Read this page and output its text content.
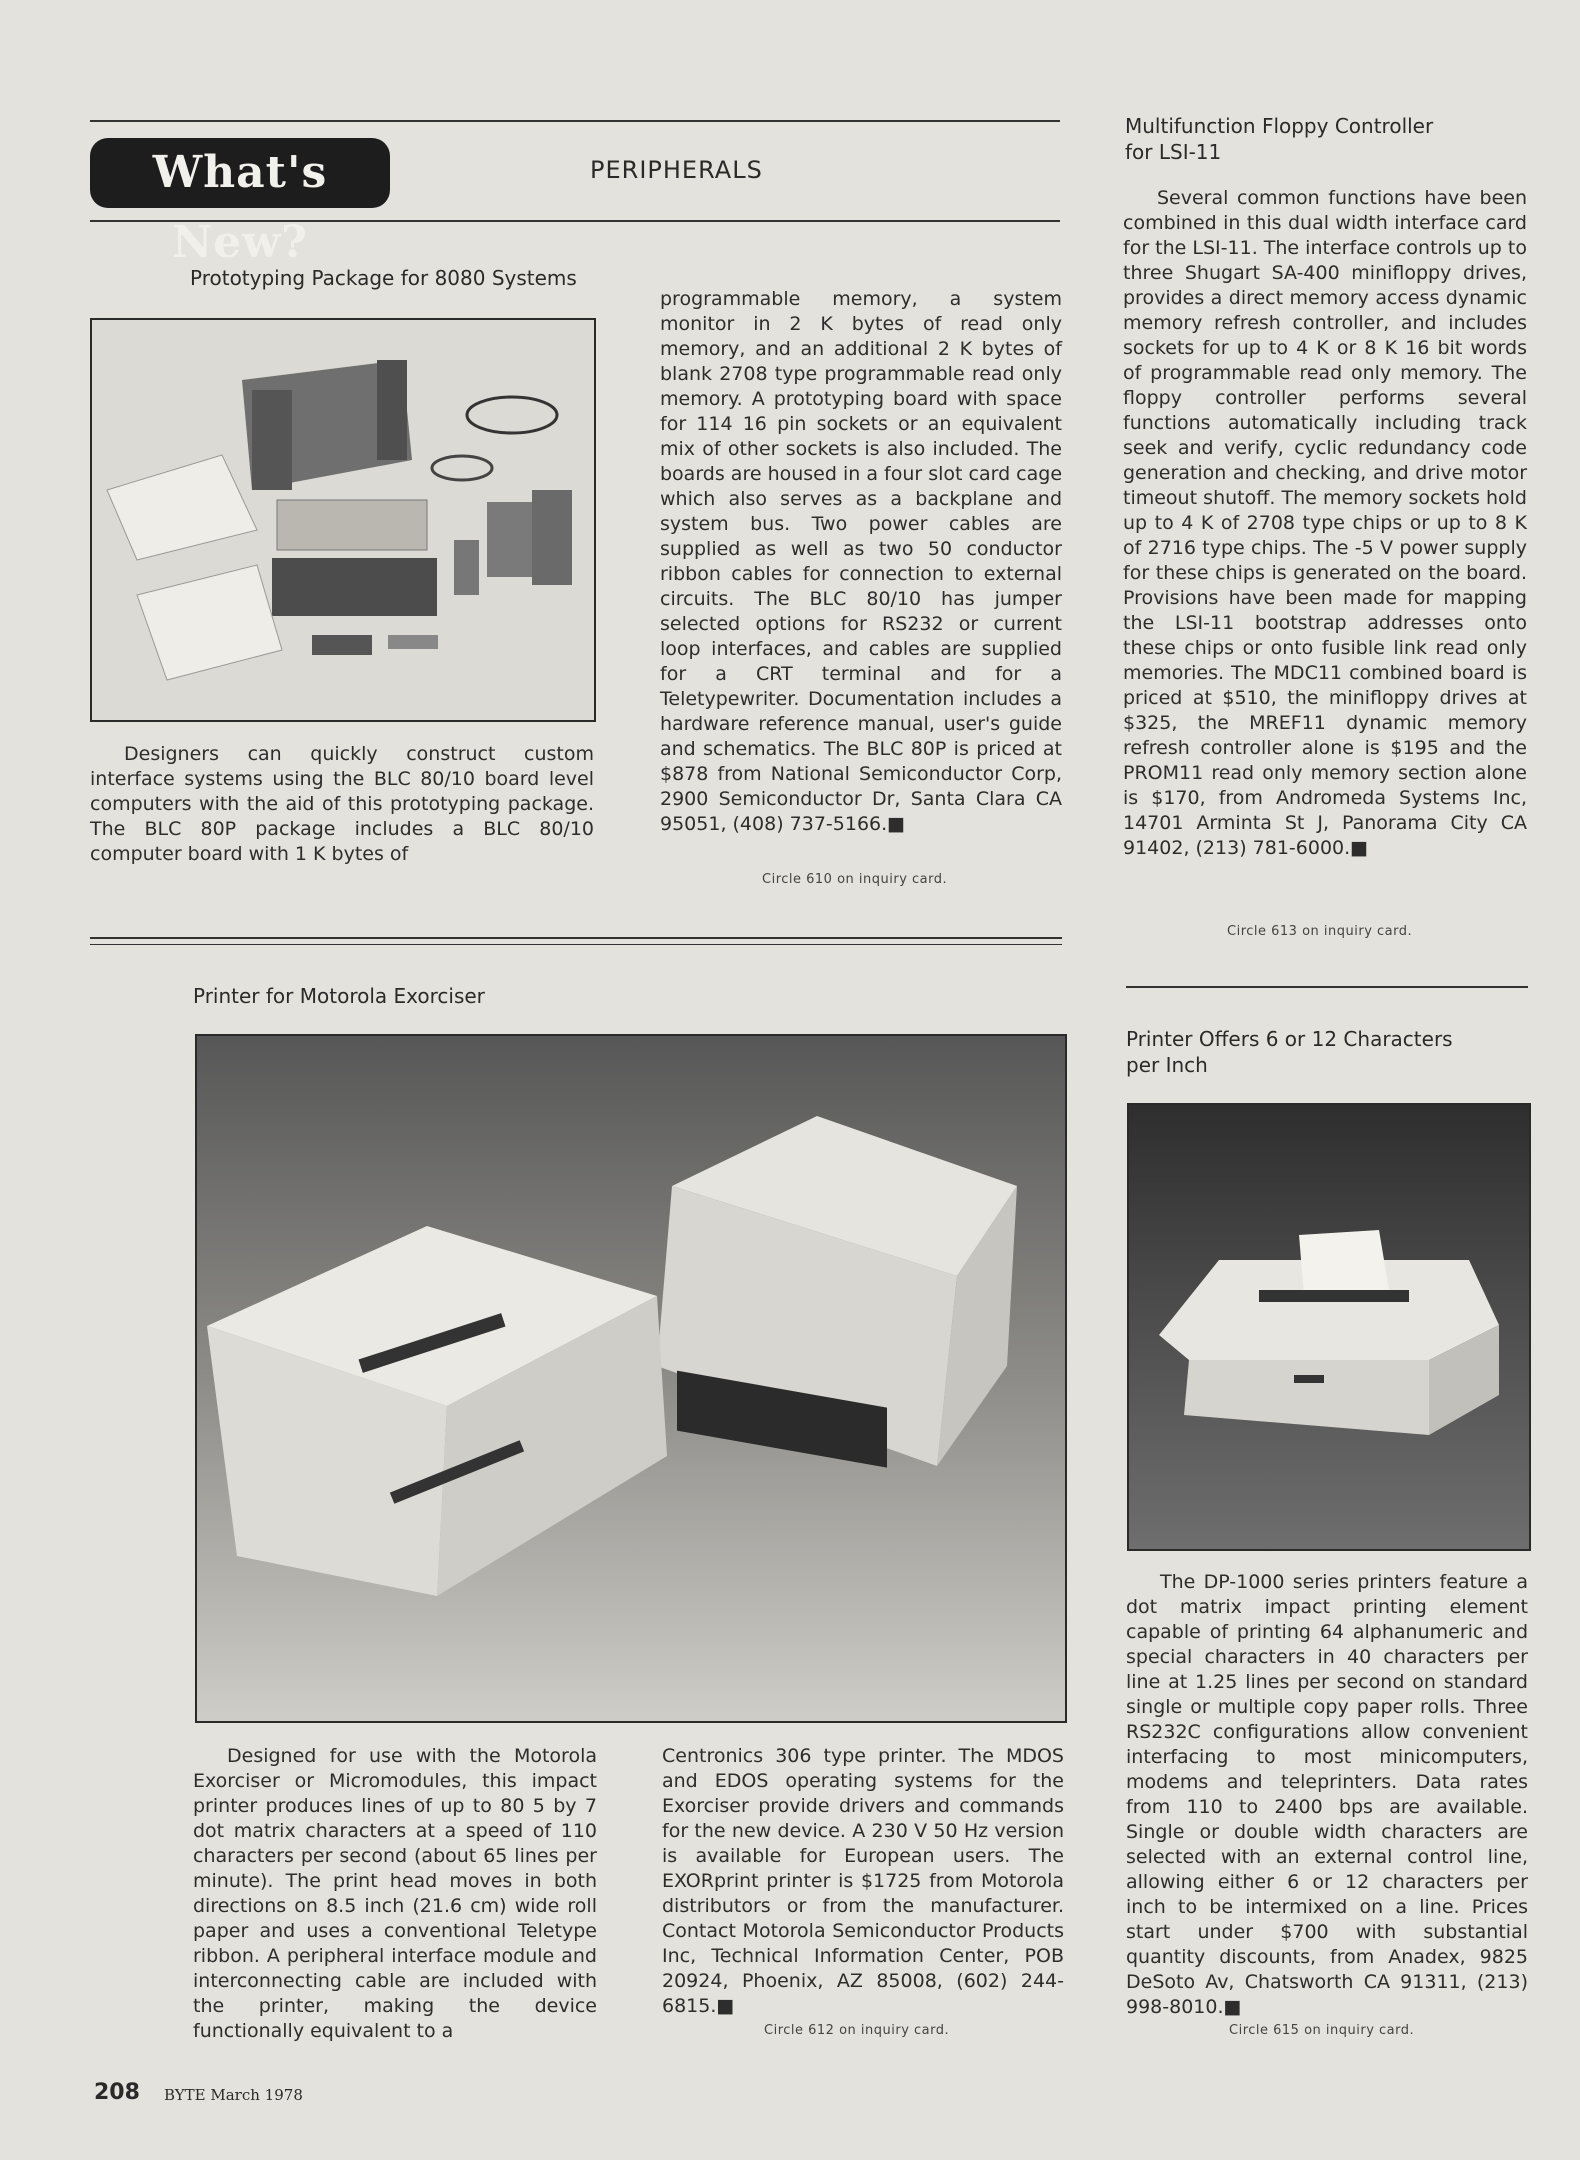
What's New?
PERIPHERALS
Prototyping Package for 8080 Systems
Designers can quickly construct custom interface systems using the BLC 80/10 board level computers with the aid of this prototyping package. The BLC 80P package includes a BLC 80/10 computer board with 1 K bytes of
programmable memory, a system monitor in 2 K bytes of read only memory, and an additional 2 K bytes of blank 2708 type programmable read only memory. A prototyping board with space for 114 16 pin sockets or an equivalent mix of other sockets is also included. The boards are housed in a four slot card cage which also serves as a backplane and system bus. Two power cables are supplied as well as two 50 conductor ribbon cables for connection to external circuits. The BLC 80/10 has jumper selected options for RS232 or current loop interfaces, and cables are supplied for a CRT terminal and for a Teletypewriter. Documentation includes a hardware reference manual, user's guide and schematics. The BLC 80P is priced at $878 from National Semiconductor Corp, 2900 Semiconductor Dr, Santa Clara CA 95051, (408) 737-5166.■
Circle 610 on inquiry card.
Multifunction Floppy Controller
for LSI-11
Several common functions have been combined in this dual width interface card for the LSI-11. The interface controls up to three Shugart SA-400 minifloppy drives, provides a direct memory access dynamic memory refresh controller, and includes sockets for up to 4 K or 8 K 16 bit words of programmable read only memory. The floppy controller performs several functions automatically including track seek and verify, cyclic redundancy code generation and checking, and drive motor timeout shutoff. The memory sockets hold up to 4 K of 2708 type chips or up to 8 K of 2716 type chips. The -5 V power supply for these chips is generated on the board. Provisions have been made for mapping the LSI-11 bootstrap addresses onto these chips or onto fusible link read only memories. The MDC11 combined board is priced at $510, the minifloppy drives at $325, the MREF11 dynamic memory refresh controller alone is $195 and the PROM11 read only memory section alone is $170, from Andromeda Systems Inc, 14701 Arminta St J, Panorama City CA 91402, (213) 781-6000.■
Circle 613 on inquiry card.
Printer for Motorola Exorciser
Designed for use with the Motorola Exorciser or Micromodules, this impact printer produces lines of up to 80 5 by 7 dot matrix characters at a speed of 110 characters per second (about 65 lines per minute). The print head moves in both directions on 8.5 inch (21.6 cm) wide roll paper and uses a conventional Teletype ribbon. A peripheral interface module and interconnecting cable are included with the printer, making the device functionally equivalent to a
Centronics 306 type printer. The MDOS and EDOS operating systems for the Exorciser provide drivers and commands for the new device. A 230 V 50 Hz version is available for European users. The EXORprint printer is $1725 from Motorola distributors or from the manufacturer. Contact Motorola Semiconductor Products Inc, Technical Information Center, POB 20924, Phoenix, AZ 85008, (602) 244-6815.■
Circle 612 on inquiry card.
Printer Offers 6 or 12 Characters
per Inch
The DP-1000 series printers feature a dot matrix impact printing element capable of printing 64 alphanumeric and special characters in 40 characters per line at 1.25 lines per second on standard single or multiple copy paper rolls. Three RS232C configurations allow convenient interfacing to most minicomputers, modems and teleprinters. Data rates from 110 to 2400 bps are available. Single or double width characters are selected with an external control line, allowing either 6 or 12 characters per inch to be intermixed on a line. Prices start under $700 with substantial quantity discounts, from Anadex, 9825 DeSoto Av, Chatsworth CA 91311, (213) 998-8010.■
Circle 615 on inquiry card.
208 BYTE March 1978
